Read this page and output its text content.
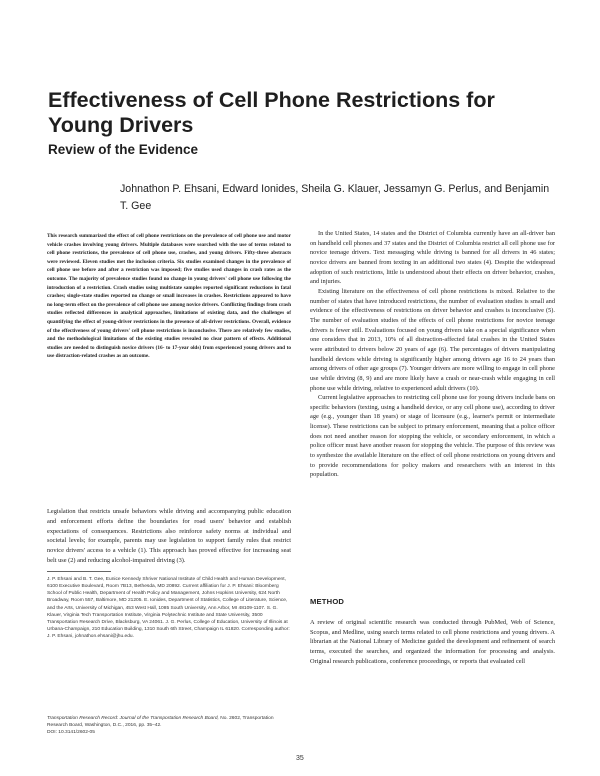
Effectiveness of Cell Phone Restrictions for Young Drivers
Review of the Evidence

Johnathon P. Ehsani, Edward Ionides, Sheila G. Klauer, Jessamyn G. Perlus, and Benjamin T. Gee

This research summarized the effect of cell phone restrictions on the prevalence of cell phone use and motor vehicle crashes involving young drivers. Multiple databases were searched with the use of terms related to cell phone restrictions, the prevalence of cell phone use, crashes, and young drivers. Fifty-three abstracts were reviewed. Eleven studies met the inclusion criteria. Six studies examined changes in the prevalence of cell phone use before and after a restriction was imposed; five studies used changes in crash rates as the outcome. The majority of prevalence studies found no change in young drivers' cell phone use following the introduction of a restriction. Crash studies using multistate samples reported significant reductions in fatal crashes; single-state studies reported no change or small increases in crashes. Restrictions appeared to have no long-term effect on the prevalence of cell phone use among novice drivers. Conflicting findings from crash studies reflected differences in analytical approaches, limitations of existing data, and the challenges of quantifying the effect of young-driver restrictions in the presence of all-driver restrictions. Overall, evidence of the effectiveness of young drivers' cell phone restrictions is inconclusive. There are relatively few studies, and the methodological limitations of the existing studies revealed no clear pattern of effects. Additional studies are needed to distinguish novice drivers (16- to 17-year olds) from experienced young drivers and to use distraction-related crashes as an outcome.

Legislation that restricts unsafe behaviors while driving and accompanying public education and enforcement efforts define the boundaries for road users' behavior and establish expectations of consequences. Restrictions also reinforce safety norms at individual and societal levels; for example, parents may use legislation to support family rules that restrict novice drivers' access to a vehicle (1). This approach has proved effective for increasing seat belt use (2) and reducing alcohol-impaired driving (3).

J. P. Ehsani and B. T. Gee, Eunice Kennedy Shriver National Institute of Child Health and Human Development, 6100 Executive Boulevard, Room 7B13, Bethesda, MD 20892. Current affiliation for J. P. Ehsani: Bloomberg School of Public Health, Department of Health Policy and Management, Johns Hopkins University, 624 North Broadway, Room 557, Baltimore, MD 21205. E. Ionides, Department of Statistics, College of Literature, Science, and the Arts, University of Michigan, 453 West Hall, 1085 South University, Ann Arbor, MI 48109-1107. S. G. Klauer, Virginia Tech Transportation Institute, Virginia Polytechnic Institute and State University, 3500 Transportation Research Drive, Blacksburg, VA 24061. J. G. Perlus, College of Education, University of Illinois at Urbana-Champaign, 210 Education Building, 1310 South 6th Street, Champaign IL 61820. Corresponding author: J. P. Ehsani, johnathon.ehsani@jhu.edu.

Transportation Research Record: Journal of the Transportation Research Board, No. 2602, Transportation Research Board, Washington, D.C., 2016, pp. 35–42.
DOI: 10.3141/2602-05

In the United States, 14 states and the District of Columbia currently have an all-driver ban on handheld cell phones and 37 states and the District of Columbia restrict all cell phone use for novice teenage drivers. Text messaging while driving is banned for all drivers in 46 states; novice drivers are banned from texting in an additional two states (4). Despite the widespread adoption of such restrictions, little is understood about their effects on driver behavior, crashes, and injuries.

Existing literature on the effectiveness of cell phone restrictions is mixed. Relative to the number of states that have introduced restrictions, the number of evaluation studies is small and evidence of the effectiveness of restrictions on driver behavior and crashes is inconclusive (5). The number of evaluation studies of the effects of cell phone restrictions for novice teenage drivers is fewer still. Evaluations focused on young drivers take on a special significance when one considers that in 2013, 10% of all distraction-affected fatal crashes in the United States were attributed to drivers below 20 years of age (6). The percentages of drivers manipulating handheld devices while driving is significantly higher among drivers age 16 to 24 years than among drivers of other age groups (7). Younger drivers are more willing to engage in cell phone use while driving (8, 9) and are more likely have a crash or near-crash while engaging in cell phone use while driving, relative to experienced adult drivers (10).

Current legislative approaches to restricting cell phone use for young drivers include bans on specific behaviors (texting, using a handheld device, or any cell phone use), according to driver age (e.g., younger than 18 years) or stage of licensure (e.g., learner's permit or intermediate license). These restrictions can be subject to primary enforcement, meaning that a police officer does not need another reason for stopping the vehicle, or secondary enforcement, in which a police officer must have another reason for stopping the vehicle. The purpose of this review was to synthesize the available literature on the effect of cell phone restrictions on young drivers and to provide recommendations for policy makers and researchers with an interest in this population.

METHOD

A review of original scientific research was conducted through PubMed, Web of Science, Scopus, and Medline, using search terms related to cell phone restrictions and young drivers. A librarian at the National Library of Medicine guided the development and refinement of search terms, executed the searches, and organized the information for processing and analysis. Original research publications, conference proceedings, or reports that evaluated cell

35
